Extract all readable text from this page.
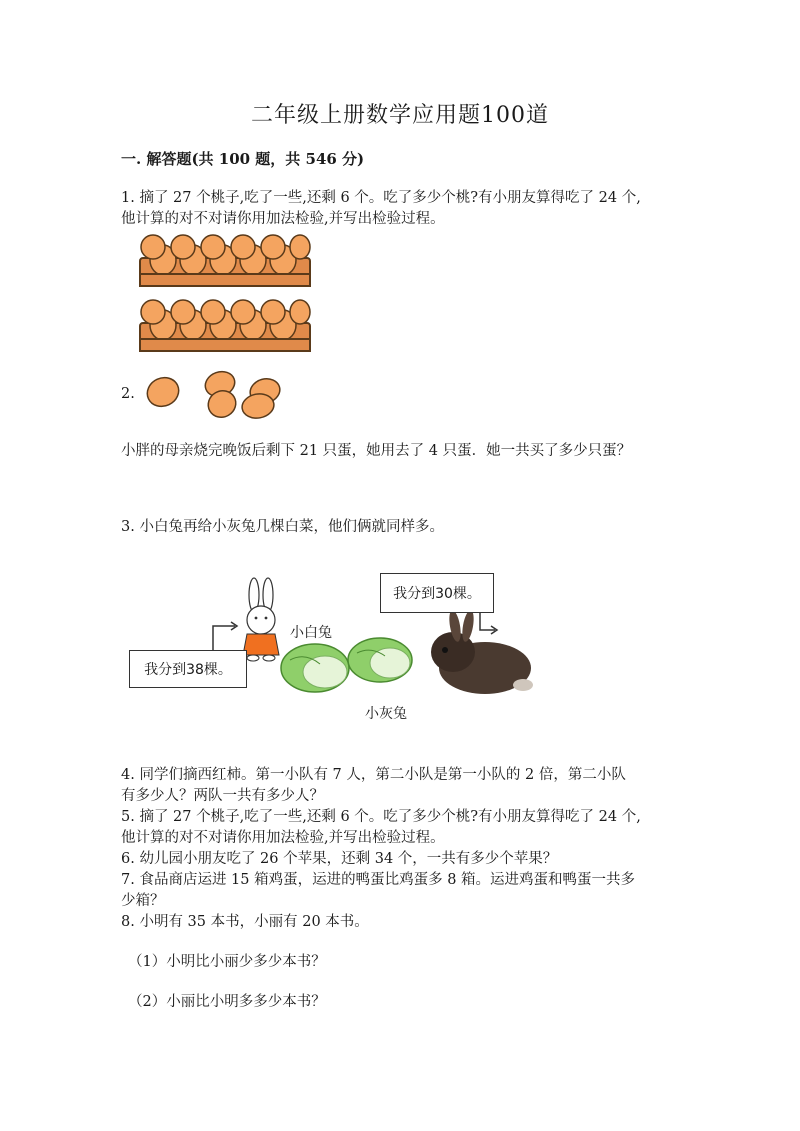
二年级上册数学应用题100道
一. 解答题(共 100 题，共 546 分)
1. 摘了 27 个桃子,吃了一些,还剩 6 个。吃了多少个桃?有小朋友算得吃了 24 个,
他计算的对不对请你用加法检验,并写出检验过程。
2.
小胖的母亲烧完晚饭后剩下 21 只蛋，她用去了 4 只蛋．她一共买了多少只蛋？
3. 小白兔再给小灰兔几棵白菜，他们俩就同样多。
我分到30棵。
我分到38棵。
小白兔
小灰兔
4. 同学们摘西红柿。第一小队有 7 人，第二小队是第一小队的 2 倍，第二小队
有多少人？两队一共有多少人？
5. 摘了 27 个桃子,吃了一些,还剩 6 个。吃了多少个桃?有小朋友算得吃了 24 个,
他计算的对不对请你用加法检验,并写出检验过程。
6. 幼儿园小朋友吃了 26 个苹果，还剩 34 个，一共有多少个苹果？
7. 食品商店运进 15 箱鸡蛋，运进的鸭蛋比鸡蛋多 8 箱。运进鸡蛋和鸭蛋一共多
少箱？
8. 小明有 35 本书，小丽有 20 本书。
（1）小明比小丽少多少本书？
（2）小丽比小明多多少本书？
